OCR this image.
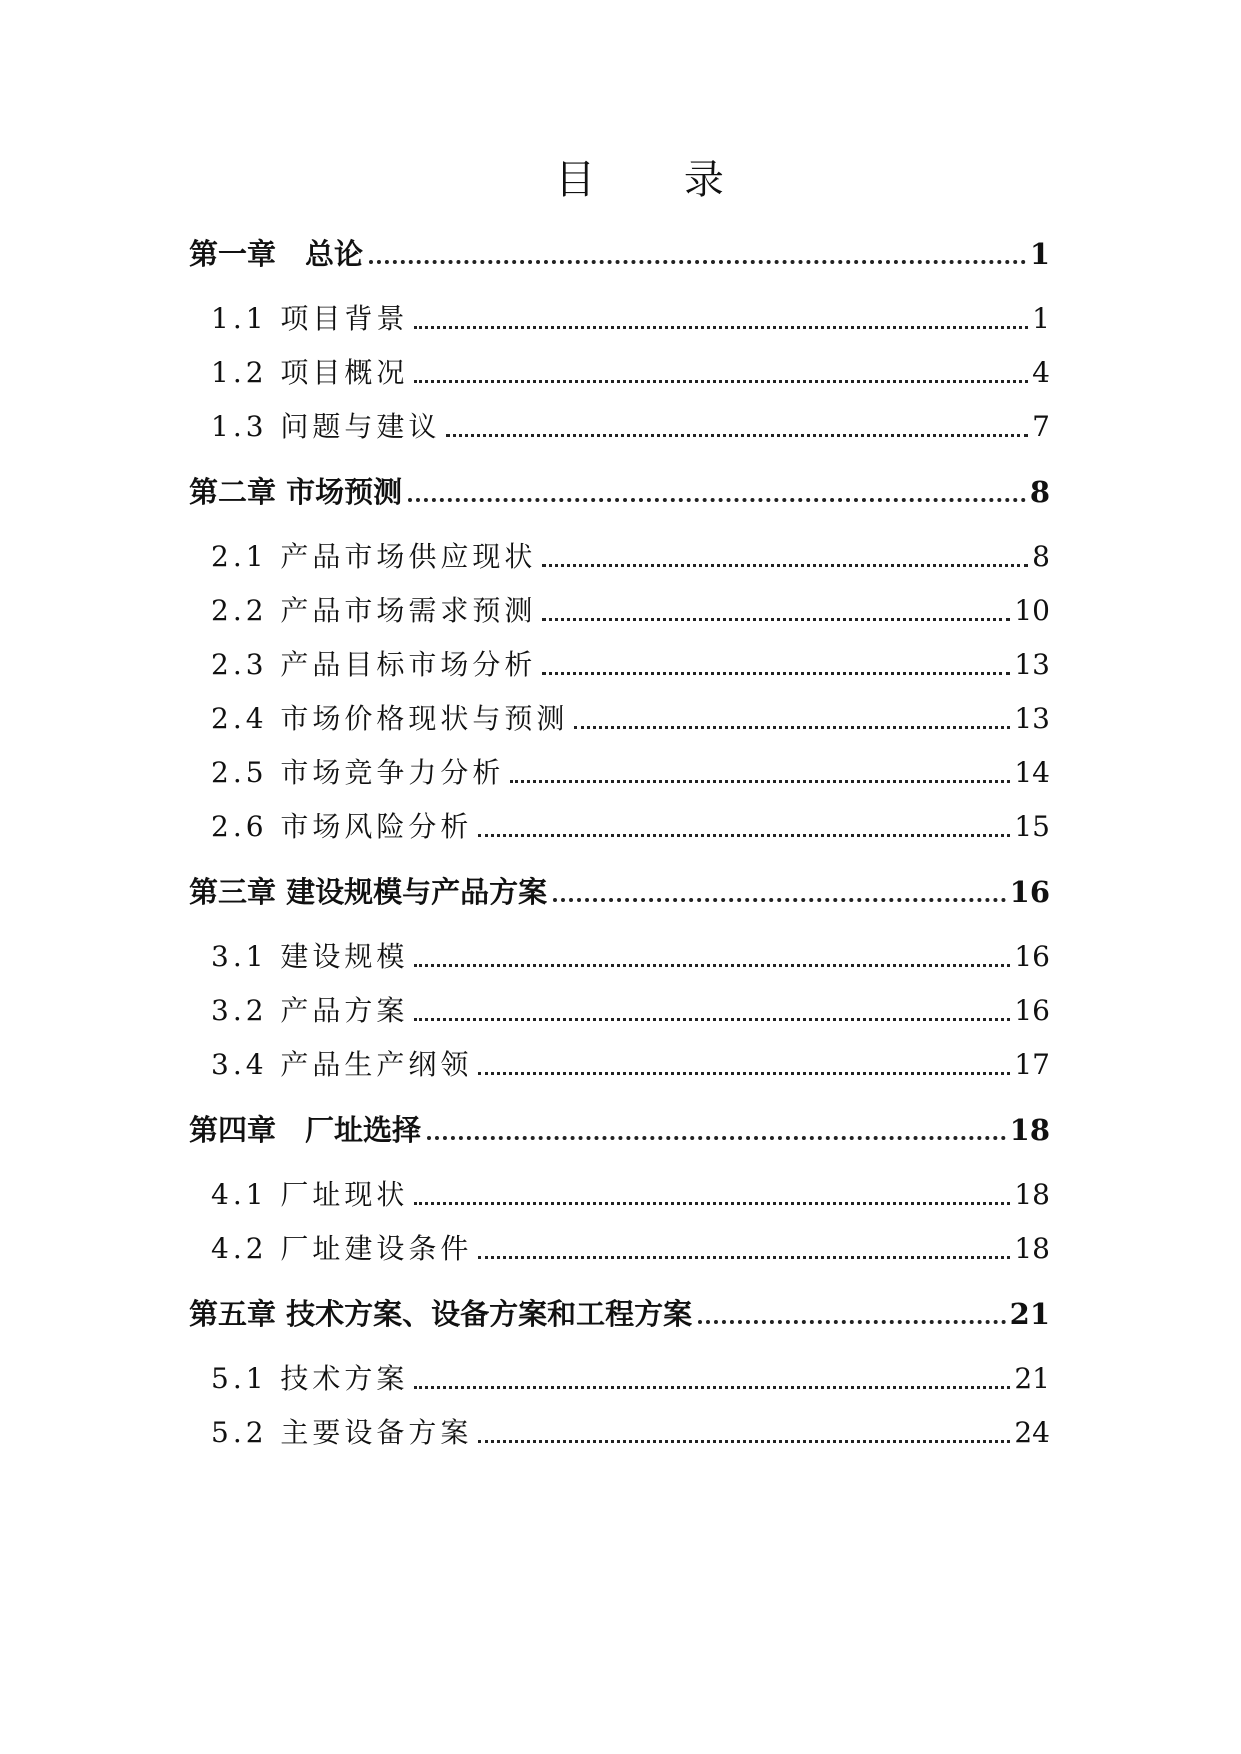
目 录
第一章　总论	1
1.1 项目背景	1
1.2 项目概况	4
1.3 问题与建议	7
第二章 市场预测	8
2.1 产品市场供应现状	8
2.2 产品市场需求预测	10
2.3 产品目标市场分析	13
2.4 市场价格现状与预测	13
2.5 市场竞争力分析	14
2.6 市场风险分析	15
第三章 建设规模与产品方案	16
3.1 建设规模	16
3.2 产品方案	16
3.4 产品生产纲领	17
第四章　厂址选择	18
4.1 厂址现状	18
4.2 厂址建设条件	18
第五章 技术方案、设备方案和工程方案	21
5.1 技术方案	21
5.2 主要设备方案	24
